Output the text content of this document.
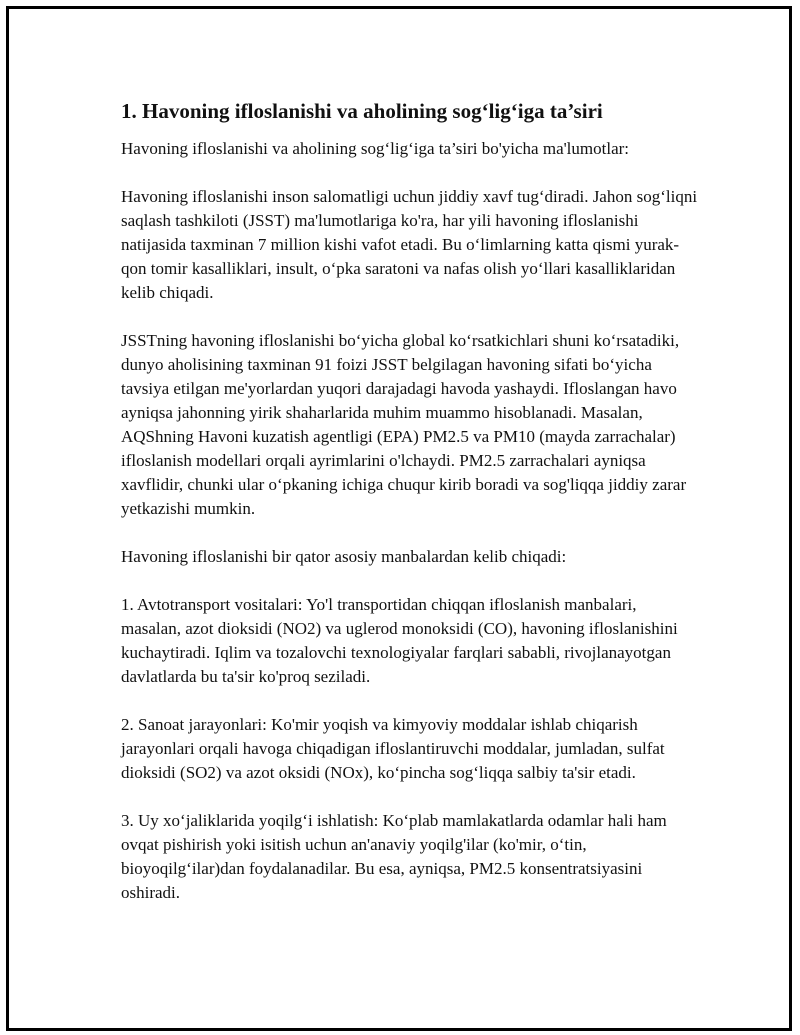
1. Havoning ifloslanishi va aholining sog‘lig‘iga ta’siri

Havoning ifloslanishi va aholining sog‘lig‘iga ta’siri bo'yicha ma'lumotlar:

Havoning ifloslanishi inson salomatligi uchun jiddiy xavf tug‘diradi. Jahon sog‘liqni saqlash tashkiloti (JSST) ma'lumotlariga ko'ra, har yili havoning ifloslanishi natijasida taxminan 7 million kishi vafot etadi. Bu o‘limlarning katta qismi yurak-qon tomir kasalliklari, insult, o‘pka saratoni va nafas olish yo‘llari kasalliklaridan kelib chiqadi.

JSSTning havoning ifloslanishi bo‘yicha global ko‘rsatkichlari shuni ko‘rsatadiki, dunyo aholisining taxminan 91 foizi JSST belgilagan havoning sifati bo‘yicha tavsiya etilgan me'yorlardan yuqori darajadagi havoda yashaydi. Ifloslangan havo ayniqsa jahonning yirik shaharlarida muhim muammo hisoblanadi. Masalan, AQShning Havoni kuzatish agentligi (EPA) PM2.5 va PM10 (mayda zarrachalar) ifloslanish modellari orqali ayrimlarini o'lchaydi. PM2.5 zarrachalari ayniqsa xavflidir, chunki ular o‘pkaning ichiga chuqur kirib boradi va sog'liqqa jiddiy zarar yetkazishi mumkin.

Havoning ifloslanishi bir qator asosiy manbalardan kelib chiqadi:

1. Avtotransport vositalari: Yo'l transportidan chiqqan ifloslanish manbalari, masalan, azot dioksidi (NO2) va uglerod monoksidi (CO), havoning ifloslanishini kuchaytiradi. Iqlim va tozalovchi texnologiyalar farqlari sababli, rivojlanayotgan davlatlarda bu ta'sir ko'proq seziladi.

2. Sanoat jarayonlari: Ko'mir yoqish va kimyoviy moddalar ishlab chiqarish jarayonlari orqali havoga chiqadigan ifloslantiruvchi moddalar, jumladan, sulfat dioksidi (SO2) va azot oksidi (NOx), ko‘pincha sog‘liqqa salbiy ta'sir etadi.

3. Uy xo‘jaliklarida yoqilg‘i ishlatish: Ko‘plab mamlakatlarda odamlar hali ham ovqat pishirish yoki isitish uchun an'anaviy yoqilg'ilar (ko'mir, o‘tin, bioyoqilg‘ilar)dan foydalanadilar. Bu esa, ayniqsa, PM2.5 konsentratsiyasini oshiradi.
